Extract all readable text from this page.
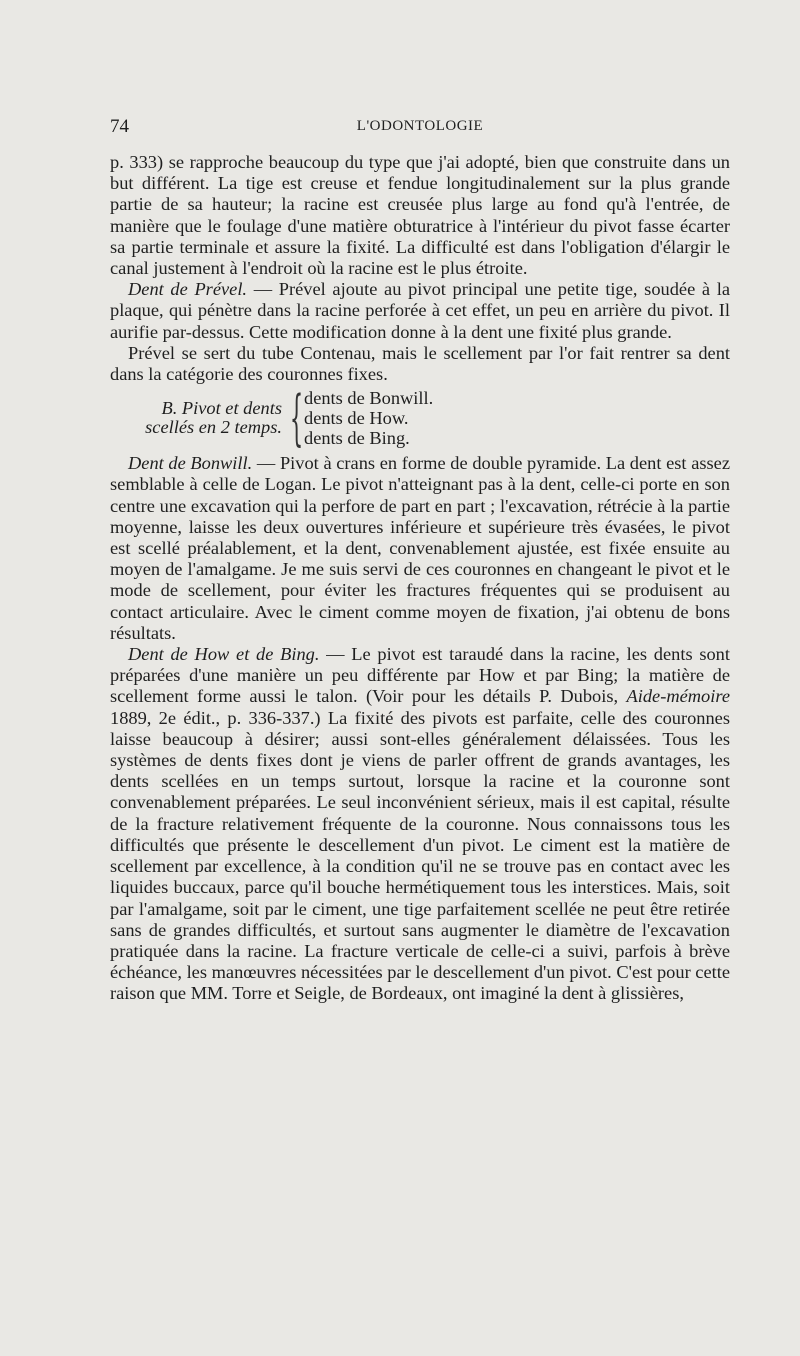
74	L'ODONTOLOGIE

p. 333) se rapproche beaucoup du type que j'ai adopté, bien que construite dans un but différent. La tige est creuse et fendue longitudinalement sur la plus grande partie de sa hauteur; la racine est creusée plus large au fond qu'à l'entrée, de manière que le foulage d'une matière obturatrice à l'intérieur du pivot fasse écarter sa partie terminale et assure la fixité. La difficulté est dans l'obligation d'élargir le canal justement à l'endroit où la racine est le plus étroite.

Dent de Prével. — Prével ajoute au pivot principal une petite tige, soudée à la plaque, qui pénètre dans la racine perforée à cet effet, un peu en arrière du pivot. Il aurifie par-dessus. Cette modification donne à la dent une fixité plus grande.

Prével se sert du tube Contenau, mais le scellement par l'or fait rentrer sa dent dans la catégorie des couronnes fixes.

B. Pivot et dents
scellés en 2 temps. { dents de Bonwill.
dents de How.
dents de Bing.

Dent de Bonwill. — Pivot à crans en forme de double pyramide. La dent est assez semblable à celle de Logan. Le pivot n'atteignant pas à la dent, celle-ci porte en son centre une excavation qui la perfore de part en part ; l'excavation, rétrécie à la partie moyenne, laisse les deux ouvertures inférieure et supérieure très évasées, le pivot est scellé préalablement, et la dent, convenablement ajustée, est fixée ensuite au moyen de l'amalgame. Je me suis servi de ces couronnes en changeant le pivot et le mode de scellement, pour éviter les fractures fréquentes qui se produisent au contact articulaire. Avec le ciment comme moyen de fixation, j'ai obtenu de bons résultats.

Dent de How et de Bing. — Le pivot est taraudé dans la racine, les dents sont préparées d'une manière un peu différente par How et par Bing; la matière de scellement forme aussi le talon. (Voir pour les détails P. Dubois, Aide-mémoire 1889, 2e édit., p. 336-337.) La fixité des pivots est parfaite, celle des couronnes laisse beaucoup à désirer; aussi sont-elles généralement délaissées. Tous les systèmes de dents fixes dont je viens de parler offrent de grands avantages, les dents scellées en un temps surtout, lorsque la racine et la couronne sont convenablement préparées. Le seul inconvénient sérieux, mais il est capital, résulte de la fracture relativement fréquente de la couronne. Nous connaissons tous les difficultés que présente le descellement d'un pivot. Le ciment est la matière de scellement par excellence, à la condition qu'il ne se trouve pas en contact avec les liquides buccaux, parce qu'il bouche hermétiquement tous les interstices. Mais, soit par l'amalgame, soit par le ciment, une tige parfaitement scellée ne peut être retirée sans de grandes difficultés, et surtout sans augmenter le diamètre de l'excavation pratiquée dans la racine. La fracture verticale de celle-ci a suivi, parfois à brève échéance, les manœuvres nécessitées par le descellement d'un pivot. C'est pour cette raison que MM. Torre et Seigle, de Bordeaux, ont imaginé la dent à glissières,
